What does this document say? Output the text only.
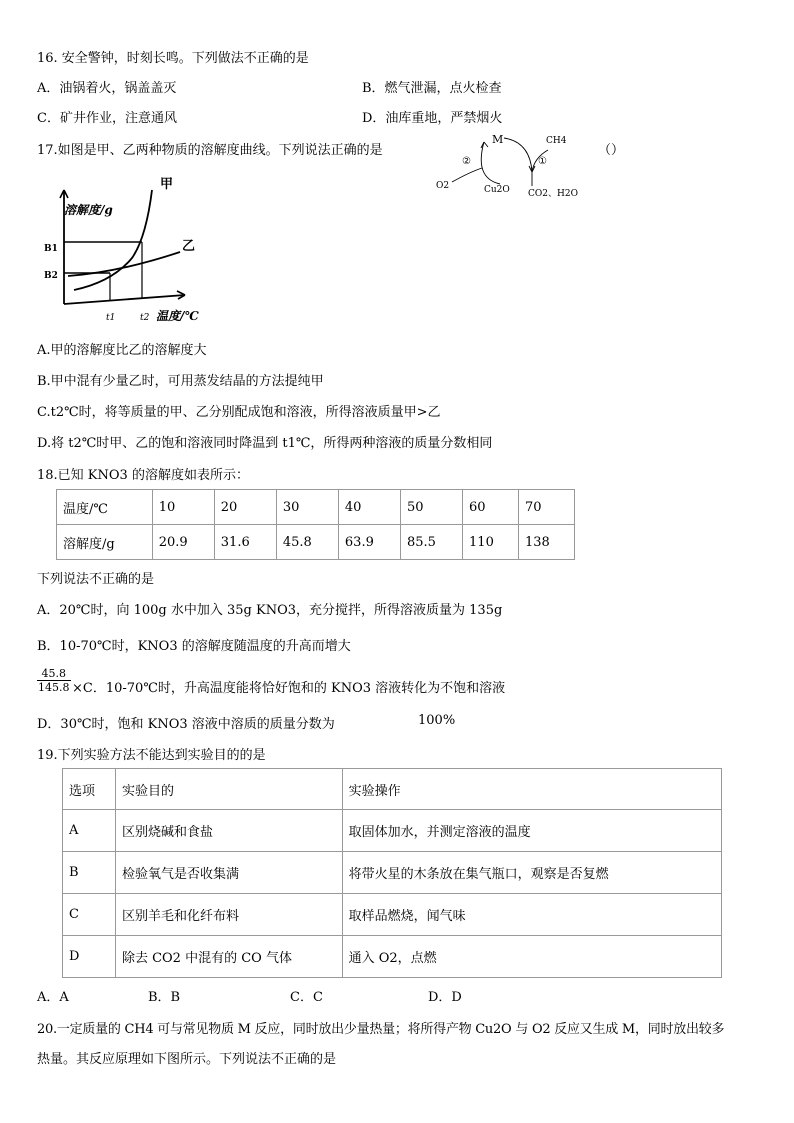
16. 安全警钟，时刻长鸣。下列做法不正确的是
A．油锅着火，锅盖盖灭	B．燃气泄漏，点火检查
C．矿井作业，注意通风	D．油库重地，严禁烟火
17.如图是甲、乙两种物质的溶解度曲线。下列说法正确的是	（）
M	CH4
②	①
O2	Cu2O CO2、H2O
甲
溶解度/g
乙
B1
B2
t1	t2 温度/℃
A.甲的溶解度比乙的溶解度大
B.甲中混有少量乙时，可用蒸发结晶的方法提纯甲
C.t2℃时，将等质量的甲、乙分别配成饱和溶液，所得溶液质量甲>乙
D.将 t2℃时甲、乙的饱和溶液同时降温到 t1℃，所得两种溶液的质量分数相同
18.已知 KNO3 的溶解度如表所示：
温度/℃	10	20	30	40	50	60	70
溶解度/g	20.9	31.6	45.8	63.9	85.5	110	138
下列说法不正确的是
A．20℃时，向 100g 水中加入 35g KNO3，充分搅拌，所得溶液质量为 135g
B．10-70℃时，KNO3 的溶解度随温度的升高而增大
$\frac{45.8}{145.8} \times C$．10-70℃时，升高温度能将恰好饱和的 KNO3 溶液转化为不饱和溶液
D．30℃时，饱和 KNO3 溶液中溶质的质量分数为	100%
19.下列实验方法不能达到实验目的的是
选项	实验目的	实验操作
A	区别烧碱和食盐	取固体加水，并测定溶液的温度
B	检验氧气是否收集满	将带火星的木条放在集气瓶口，观察是否复燃
C	区别羊毛和化纤布料	取样品燃烧，闻气味
D	除去 CO2 中混有的 CO 气体	通入 O2，点燃
A．A	B．B	C．C	D．D
20.一定质量的 CH4 可与常见物质 M 反应，同时放出少量热量；将所得产物 Cu2O 与 O2 反应又生成 M，同时放出较多
热量。其反应原理如下图所示。下列说法不正确的是
